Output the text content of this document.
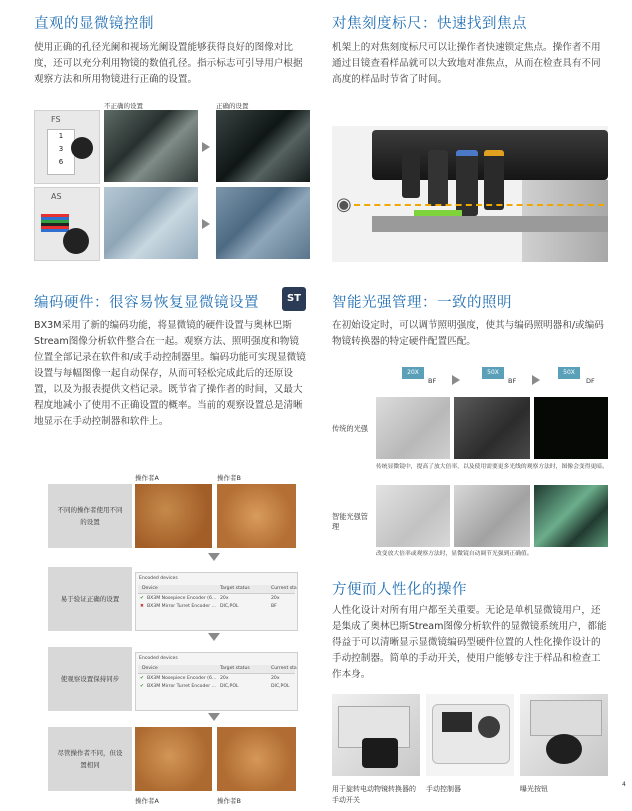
直观的显微镜控制

使用正确的孔径光阑和视场光阑设置能够获得良好的图像对比度，还可以充分利用物镜的数值孔径。指示标志可引导用户根据观察方法和所用物镜进行正确的设置。

不正确的设置	正确的设置
FS
1
3
6
AS
编码硬件：很容易恢复显微镜设置	ST

BX3M采用了新的编码功能，将显微镜的硬件设置与奥林巴斯Stream图像分析软件整合在一起。观察方法、照明强度和物镜位置全部记录在软件和/或手动控制器里。编码功能可实现显微镜设置与每幅图像一起自动保存，从而可轻松完成此后的还原设置，以及为报表提供文档记录。既节省了操作者的时间，又最大程度地减小了使用不正确设置的概率。当前的观察设置总是清晰地显示在手动控制器和软件上。

操作者A	操作者B
不同的操作者使用不同的设置
易于验证正确的设置
Encoded devices
Device	Target status	Current sta
✔ BX3M Nosepiece Encoder (6... 20x	20x
✖ BX3M Mirror Turret Encoder ... DIC,POL	BF
使观察设置保持同步
Encoded devices
Device	Target status	Current sta
✔ BX3M Nosepiece Encoder (6... 20x	20x
✔ BX3M Mirror Turret Encoder ... DIC,POL	DIC,POL
尽管操作者不同，但设置相同
操作者A	操作者B
对焦刻度标尺：快速找到焦点

机架上的对焦刻度标尺可以让操作者快速锁定焦点。操作者不用通过目镜查看样品就可以大致地对准焦点，从而在检查具有不同高度的样品时节省了时间。

◉
智能光强管理：一致的照明

在初始设定时，可以调节照明强度，使其与编码照明器和/或编码物镜转换器的特定硬件配置匹配。

20X
BF
50X
BF
50X
DF
传统的光强

传统显微镜中，提高了放大倍率，以及使用需要更多光线的观察方法时，图像会变得更暗。

智能光强管理

改变放大倍率或观察方法时，显微镜自动调节光强到正确值。

方便而人性化的操作

人性化设计对所有用户都至关重要。无论是单机显微镜用户，还是集成了奥林巴斯Stream图像分析软件的显微镜系统用户，都能得益于可以清晰显示显微镜编码型硬件位置的人性化操作设计的手动控制器。简单的手动开关，使用户能够专注于样品和检查工作本身。

用于旋转电动物镜转换器的手动开关

手动控制器	曝光按钮

4
